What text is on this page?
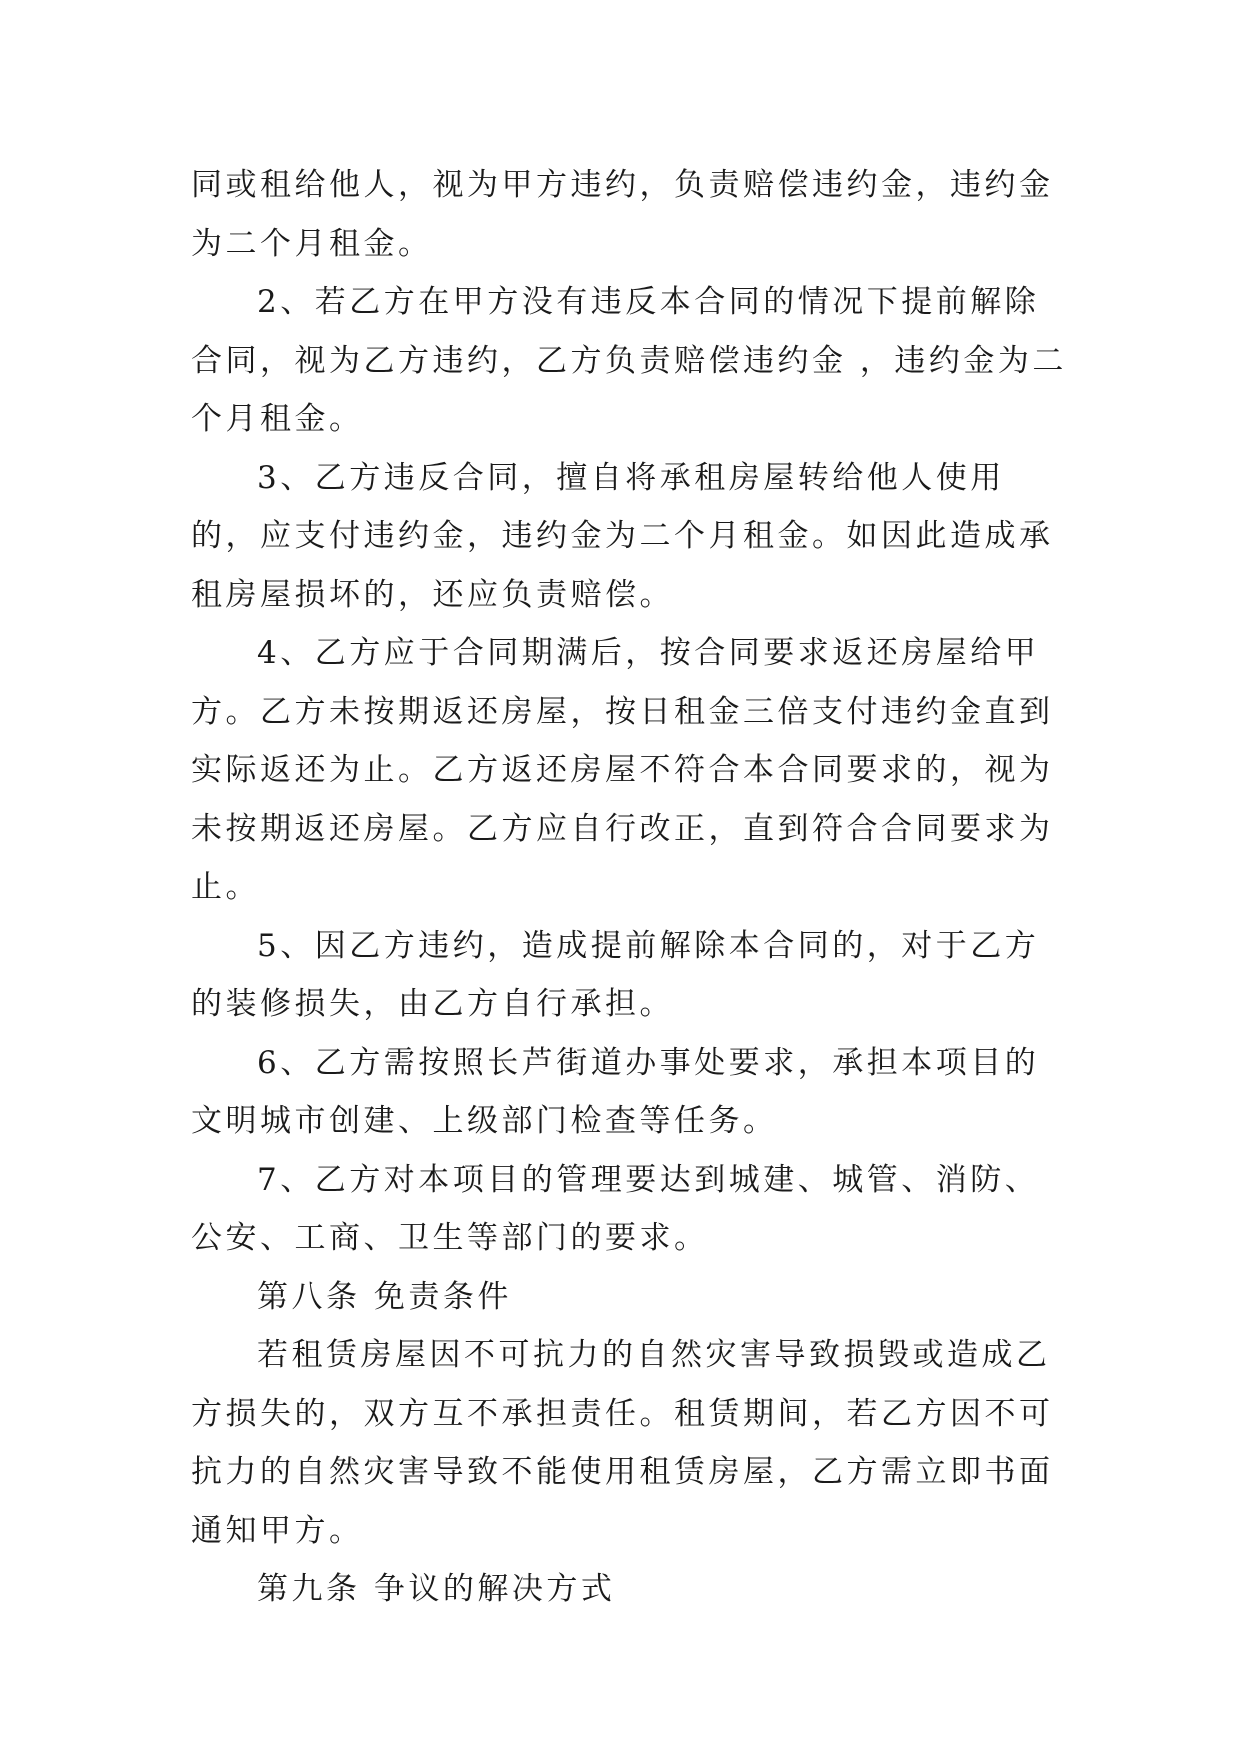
同或租给他人，视为甲方违约，负责赔偿违约金，违约金为二个月租金。

2、若乙方在甲方没有违反本合同的情况下提前解除合同，视为乙方违约，乙方负责赔偿违约金 ，违约金为二个月租金。

3、乙方违反合同，擅自将承租房屋转给他人使用的，应支付违约金，违约金为二个月租金。如因此造成承租房屋损坏的，还应负责赔偿。

4、乙方应于合同期满后，按合同要求返还房屋给甲方。乙方未按期返还房屋，按日租金三倍支付违约金直到实际返还为止。乙方返还房屋不符合本合同要求的，视为未按期返还房屋。乙方应自行改正，直到符合合同要求为止。

5、因乙方违约，造成提前解除本合同的，对于乙方的装修损失，由乙方自行承担。

6、乙方需按照长芦街道办事处要求，承担本项目的文明城市创建、上级部门检查等任务。

7、乙方对本项目的管理要达到城建、城管、消防、公安、工商、卫生等部门的要求。

第八条 免责条件

若租赁房屋因不可抗力的自然灾害导致损毁或造成乙方损失的，双方互不承担责任。租赁期间，若乙方因不可抗力的自然灾害导致不能使用租赁房屋，乙方需立即书面通知甲方。

第九条 争议的解决方式
